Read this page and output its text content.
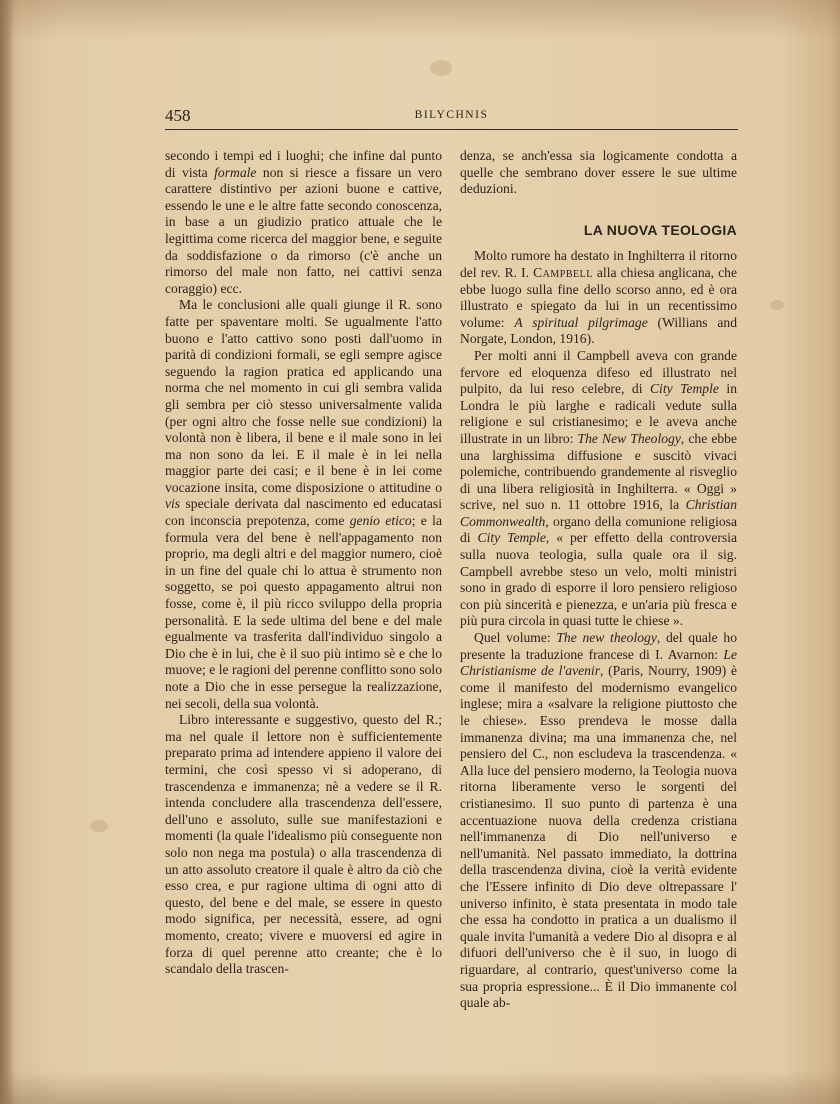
458	BILYCHNIS

secondo i tempi ed i luoghi; che infine dal punto di vista formale non si riesce a fissare un vero carattere distintivo per azioni buone e cattive, essendo le une e le altre fatte secondo conoscenza, in base a un giudizio pratico attuale che le legittima come ricerca del maggior bene, e seguite da soddisfazione o da rimorso (c'è anche un rimorso del male non fatto, nei cattivi senza coraggio) ecc.

Ma le conclusioni alle quali giunge il R. sono fatte per spaventare molti. Se ugualmente l'atto buono e l'atto cattivo sono posti dall'uomo in parità di condizioni formali, se egli sempre agisce seguendo la ragion pratica ed applicando una norma che nel momento in cui gli sembra valida gli sembra per ciò stesso universalmente valida (per ogni altro che fosse nelle sue condizioni) la volontà non è libera, il bene e il male sono in lei ma non sono da lei. E il male è in lei nella maggior parte dei casi; e il bene è in lei come vocazione insita, come disposizione o attitudine o vis speciale derivata dal nascimento ed educatasi con inconscia prepotenza, come genio etico; e la formula vera del bene è nell'appagamento non proprio, ma degli altri e del maggior numero, cioè in un fine del quale chi lo attua è strumento non soggetto, se poi questo appagamento altrui non fosse, come è, il più ricco sviluppo della propria personalità. E la sede ultima del bene e del male egualmente va trasferita dall'individuo singolo a Dio che è in lui, che è il suo più intimo sè e che lo muove; e le ragioni del perenne conflitto sono solo note a Dio che in esse persegue la realizzazione, nei secoli, della sua volontà.

Libro interessante e suggestivo, questo del R.; ma nel quale il lettore non è sufficientemente preparato prima ad intendere appieno il valore dei termini, che così spesso vi si adoperano, di trascendenza e immanenza; nè a vedere se il R. intenda concludere alla trascendenza dell'essere, dell'uno e assoluto, sulle sue manifestazioni e momenti (la quale l'idealismo più conseguente non solo non nega ma postula) o alla trascendenza di un atto assoluto creatore il quale è altro da ciò che esso crea, e pur ragione ultima di ogni atto di questo, del bene e del male, se essere in questo modo significa, per necessità, essere, ad ogni momento, creato; vivere e muoversi ed agire in forza di quel perenne atto creante; che è lo scandalo della trascen-

denza, se anch'essa sia logicamente condotta a quelle che sembrano dover essere le sue ultime deduzioni.

LA NUOVA TEOLOGIA

Molto rumore ha destato in Inghilterra il ritorno del rev. R. I. Campbell alla chiesa anglicana, che ebbe luogo sulla fine dello scorso anno, ed è ora illustrato e spiegato da lui in un recentissimo volume: A spiritual pilgrimage (Willians and Norgate, London, 1916).

Per molti anni il Campbell aveva con grande fervore ed eloquenza difeso ed illustrato nel pulpito, da lui reso celebre, di City Temple in Londra le più larghe e radicali vedute sulla religione e sul cristianesimo; e le aveva anche illustrate in un libro: The New Theology, che ebbe una larghissima diffusione e suscitò vivaci polemiche, contribuendo grandemente al risveglio di una libera religiosità in Inghilterra. « Oggi » scrive, nel suo n. 11 ottobre 1916, la Christian Commonwealth, organo della comunione religiosa di City Temple, « per effetto della controversia sulla nuova teologia, sulla quale ora il sig. Campbell avrebbe steso un velo, molti ministri sono in grado di esporre il loro pensiero religioso con più sincerità e pienezza, e un'aria più fresca e più pura circola in quasi tutte le chiese ».

Quel volume: The new theology, del quale ho presente la traduzione francese di I. Avarnon: Le Christianisme de l'avenir, (Paris, Nourry, 1909) è come il manifesto del modernismo evangelico inglese; mira a «salvare la religione piuttosto che le chiese». Esso prendeva le mosse dalla immanenza divina; ma una immanenza che, nel pensiero del C., non escludeva la trascendenza. « Alla luce del pensiero moderno, la Teologia nuova ritorna liberamente verso le sorgenti del cristianesimo. Il suo punto di partenza è una accentuazione nuova della credenza cristiana nell'immanenza di Dio nell'universo e nell'umanità. Nel passato immediato, la dottrina della trascendenza divina, cioè la verità evidente che l'Essere infinito di Dio deve oltrepassare l' universo infinito, è stata presentata in modo tale che essa ha condotto in pratica a un dualismo il quale invita l'umanità a vedere Dio al disopra e al difuori dell'universo che è il suo, in luogo di riguardare, al contrario, quest'universo come la sua propria espressione... È il Dio immanente col quale ab-
